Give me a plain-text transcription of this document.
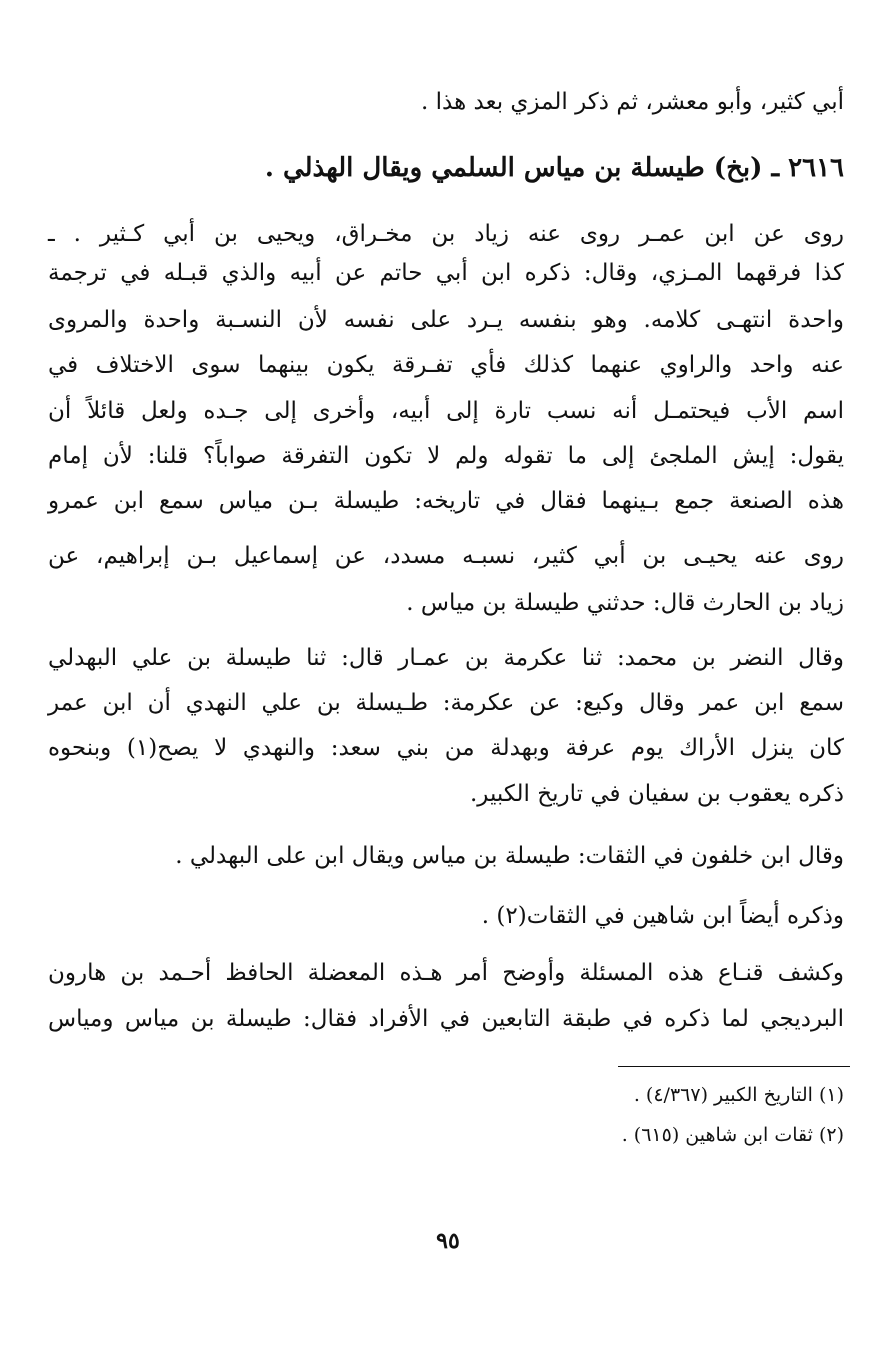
أبي كثير، وأبو معشر، ثم ذكر المزي بعد هذا .
٢٦١٦ ـ (بخ) طيسلة بن مياس السلمي ويقال الهذلي .
روى عن ابن عمـر روى عنه زياد بن مخـراق، ويحيى بن أبي كـثير . ـ
كذا فرقهما المـزي، وقال: ذكره ابن أبي حاتم عن أبيه والذي قبـله في ترجمة
واحدة انتهـى كلامه. وهو بنفسه يـرد على نفسه لأن النسـبة واحدة والمروى
عنه واحد والراوي عنهما كذلك فأي تفـرقة يكون بينهما سوى الاختلاف في
اسم الأب فيحتمـل أنه نسب تارة إلى أبيه، وأخرى إلى جـده ولعل قائلاً أن
يقول: إيش الملجئ إلى ما تقوله ولم لا تكون التفرقة صواباً؟ قلنا: لأن إمام
هذه الصنعة جمع بـينهما فقال في تاريخه: طيسلة بـن مياس سمع ابن عمرو
روى عنه يحيـى بن أبي كثير، نسبـه مسدد، عن إسماعيل بـن إبراهيم، عن
زياد بن الحارث قال: حدثني طيسلة بن مياس .
وقال النضر بن محمد: ثنا عكرمة بن عمـار قال: ثنا طيسلة بن علي البهدلي
سمع ابن عمر وقال وكيع: عن عكرمة: طـيسلة بن علي النهدي أن ابن عمر
كان ينزل الأراك يوم عرفة وبهدلة من بني سعد: والنهدي لا يصح(١) وبنحوه
ذكره يعقوب بن سفيان في تاريخ الكبير.
وقال ابن خلفون في الثقات: طيسلة بن مياس ويقال ابن على البهدلي .
وذكره أيضاً ابن شاهين في الثقات(٢) .
وكشف قنـاع هذه المسئلة وأوضح أمر هـذه المعضلة الحافظ أحـمد بن هارون
البرديجي لما ذكره في طبقة التابعين في الأفراد فقال: طيسلة بن مياس ومياس
(١) التاريخ الكبير (٤/٣٦٧) .
(٢) ثقات ابن شاهين (٦١٥) .
٩٥
